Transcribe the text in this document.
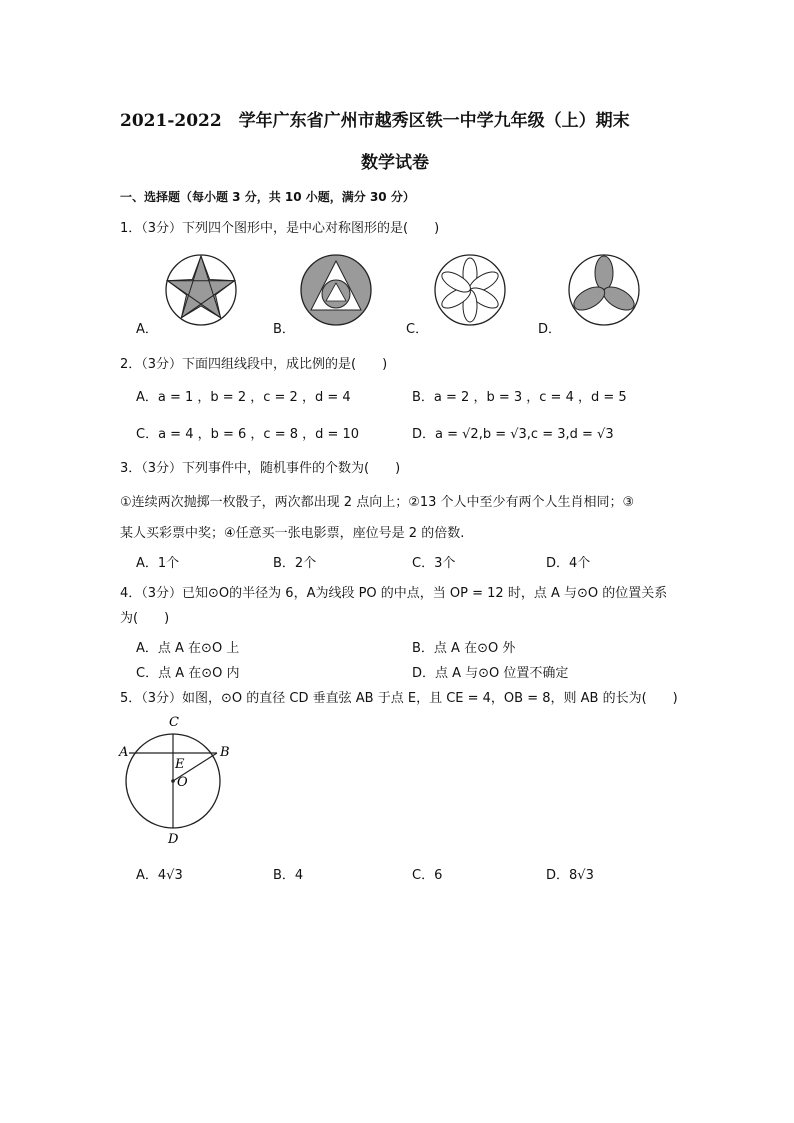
2021-2022　学年广东省广州市越秀区铁一中学九年级（上）期末
数学试卷
一、选择题（每小题 3 分，共 10 小题，满分 30 分）
1．（3分）下列四个图形中，是中心对称图形的是(　　)
A．	B．	C．	D．
2．（3分）下面四组线段中，成比例的是(　　)
A．a = 1 ，b = 2 ，c = 2 ，d = 4	B．a = 2 ，b = 3 ，c = 4 ，d = 5
C．a = 4 ，b = 6 ，c = 8 ，d = 10	D．a = √2,b = √3,c = 3,d = √3
3．（3分）下列事件中，随机事件的个数为(　　)
①连续两次抛掷一枚骰子，两次都出现 2 点向上；②13 个人中至少有两个人生肖相同；③
某人买彩票中奖；④任意买一张电影票，座位号是 2 的倍数.
A．1个	B．2个	C．3个	D．4个
4．（3分）已知⊙O的半径为 6，A为线段 PO 的中点，当 OP = 12 时，点 A 与⊙O 的位置关系
为(　　)
A．点 A 在⊙O 上	B．点 A 在⊙O 外
C．点 A 在⊙O 内	D．点 A 与⊙O 位置不确定
5．（3分）如图，⊙O 的直径 CD 垂直弦 AB 于点 E，且 CE = 4，OB = 8，则 AB 的长为(　　)
C
A	B
E
O
D
A．4√3	B．4	C．6	D．8√3
